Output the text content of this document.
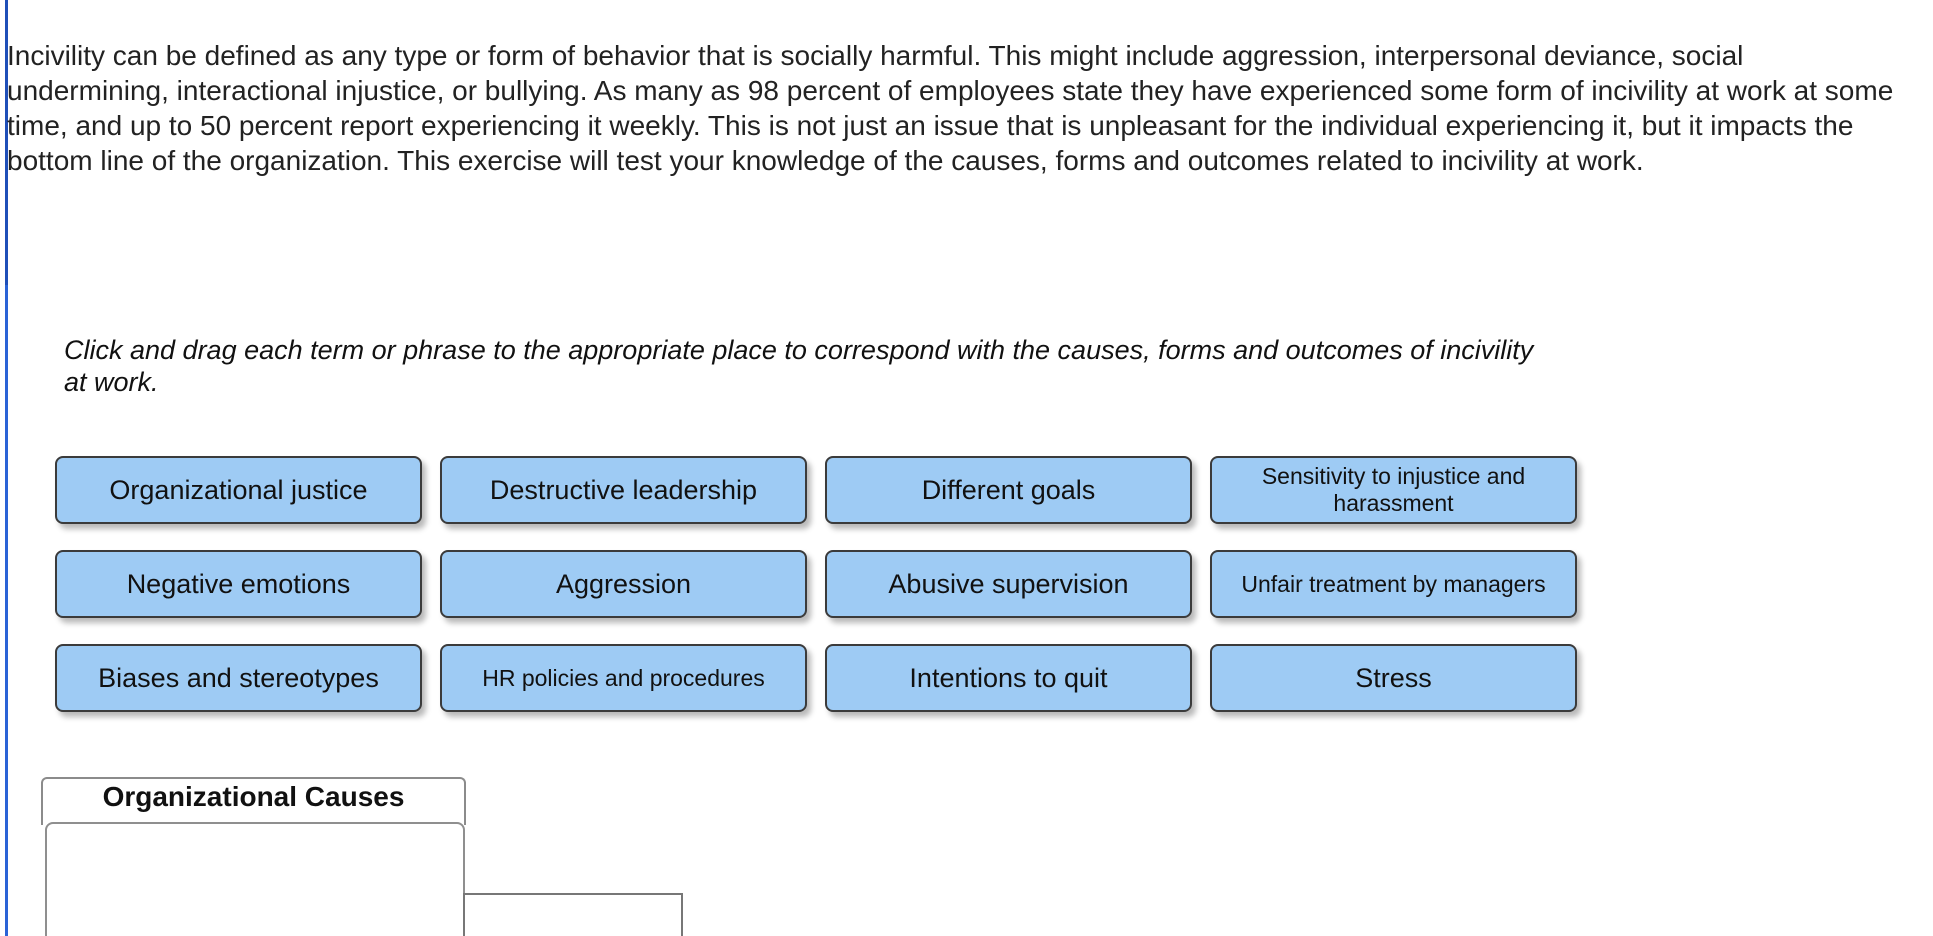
Incivility can be defined as any type or form of behavior that is socially harmful. This might include aggression, interpersonal deviance, social undermining, interactional injustice, or bullying. As many as 98 percent of employees state they have experienced some form of incivility at work at some time, and up to 50 percent report experiencing it weekly. This is not just an issue that is unpleasant for the individual experiencing it, but it impacts the bottom line of the organization. This exercise will test your knowledge of the causes, forms and outcomes related to incivility at work.

Click and drag each term or phrase to the appropriate place to correspond with the causes, forms and outcomes of incivility at work.

Organizational justice	Destructive leadership	Different goals	Sensitivity to injustice and harassment
Negative emotions	Aggression	Abusive supervision	Unfair treatment by managers
Biases and stereotypes	HR policies and procedures	Intentions to quit	Stress
Organizational Causes
